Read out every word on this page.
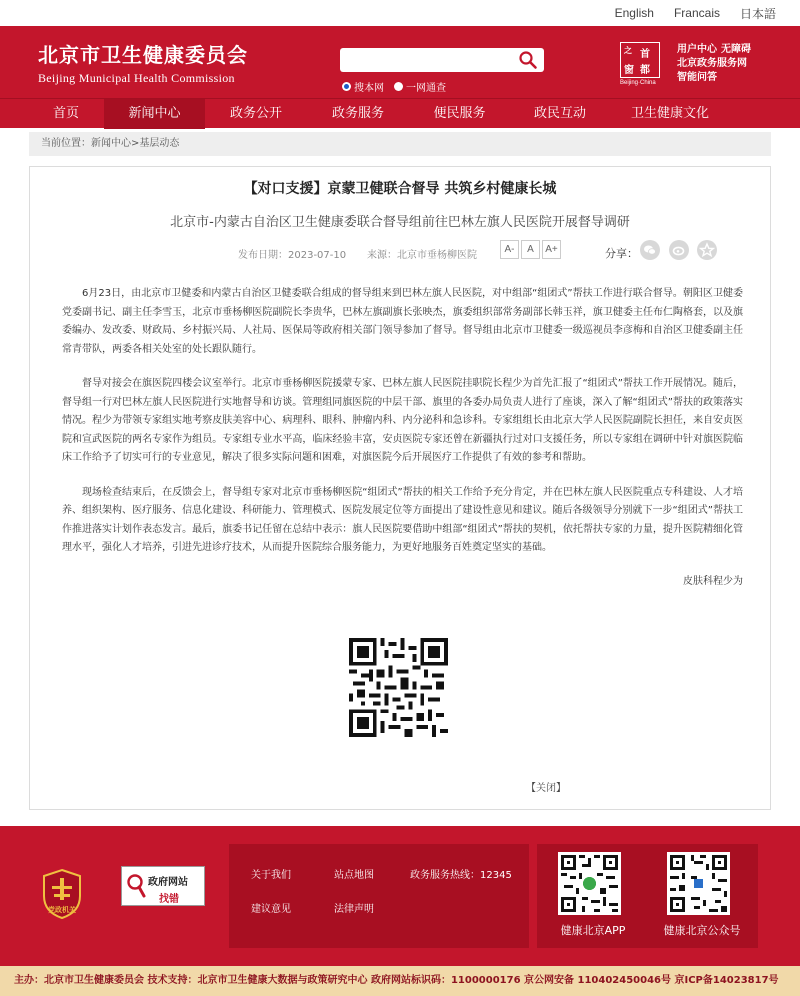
English Francais 日本語
北京市卫生健康委员会
Beijing Municipal Health Commission
搜本网 一网通查
之 首
窗 都
Beijing·China
用户中心 无障碍
北京政务服务网
智能问答
首页	新闻中心	政务公开	政务服务	便民服务	政民互动	卫生健康文化
当前位置：新闻中心>基层动态
【对口支援】京蒙卫健联合督导 共筑乡村健康长城
北京市-内蒙古自治区卫生健康委联合督导组前往巴林左旗人民医院开展督导调研
发布日期：2023-07-10 来源：北京市垂杨柳医院
A-	A	A+	分享：

6月23日，由北京市卫健委和内蒙古自治区卫健委联合组成的督导组来到巴林左旗人民医院，对中组部“组团式”帮扶工作进行联合督导。朝阳区卫健委党委副书记、副主任李雪玉，北京市垂杨柳医院副院长李贵华，巴林左旗副旗长张映杰，旗委组织部常务副部长韩玉祥，旗卫健委主任布仁陶格套，以及旗委编办、发改委、财政局、乡村振兴局、人社局、医保局等政府相关部门领导参加了督导。督导组由北京市卫健委一级巡视员李彦梅和自治区卫健委副主任常青带队，两委各相关处室的处长跟队随行。

督导对接会在旗医院四楼会议室举行。北京市垂杨柳医院援蒙专家、巴林左旗人民医院挂职院长程少为首先汇报了“组团式”帮扶工作开展情况。随后，督导组一行对巴林左旗人民医院进行实地督导和访谈。管理组同旗医院的中层干部、旗里的各委办局负责人进行了座谈，深入了解“组团式”帮扶的政策落实情况。程少为带领专家组实地考察皮肤美容中心、病理科、眼科、肿瘤内科、内分泌科和急诊科。专家组组长由北京大学人民医院副院长担任，来自安贞医院和宣武医院的两名专家作为组员。专家组专业水平高，临床经验丰富，安贞医院专家还曾在新疆执行过对口支援任务，所以专家组在调研中针对旗医院临床工作给予了切实可行的专业意见，解决了很多实际问题和困难，对旗医院今后开展医疗工作提供了有效的参考和帮助。

现场检查结束后，在反馈会上，督导组专家对北京市垂杨柳医院“组团式”帮扶的相关工作给予充分肯定，并在巴林左旗人民医院重点专科建设、人才培养、组织架构、医疗服务、信息化建设、科研能力、管理模式、医院发展定位等方面提出了建设性意见和建议。随后各级领导分别就下一步“组团式”帮扶工作推进落实计划作表态发言。最后，旗委书记任留在总结中表示：旗人民医院要借助中组部“组团式”帮扶的契机，依托帮扶专家的力量，提升医院精细化管理水平，强化人才培养，引进先进诊疗技术，从而提升医院综合服务能力，为更好地服务百姓奠定坚实的基础。

皮肤科程少为
【关闭】
党政机关
政府网站
找错
关于我们	站点地图	政务服务热线：12345
建议意见	法律声明
健康北京APP	健康北京公众号
主办：北京市卫生健康委员会 技术支持：北京市卫生健康大数据与政策研究中心 政府网站标识码：1100000176 京公网安备 110402450046号 京ICP备14023817号
